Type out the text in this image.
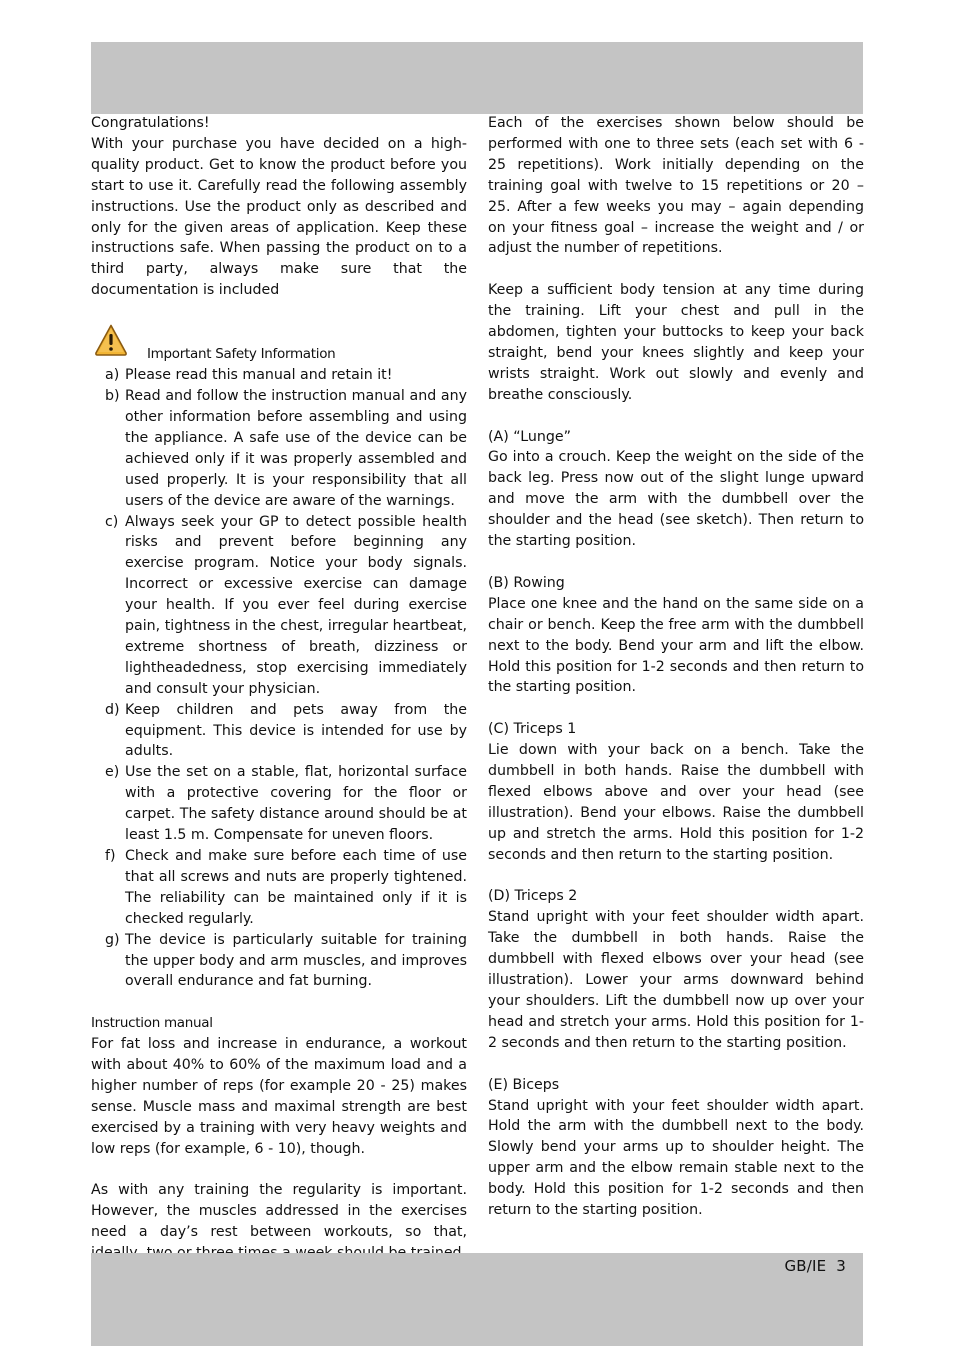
Congratulations!

With your purchase you have decided on a high-quality product. Get to know the product before you start to use it. Carefully read the following assembly instructions. Use the product only as described and only for the given areas of application. Keep these instructions safe. When passing the product on to a third party, always make sure that the documentation is included

Important Safety Information
a) Please read this manual and retain it!
b) Read and follow the instruction manual and any other information before assembling and using the appliance. A safe use of the device can be achieved only if it was properly assembled and used properly. It is your responsibility that all users of the device are aware of the warnings.
c) Always seek your GP to detect possible health risks and prevent before beginning any exercise program. Notice your body signals. Incorrect or excessive exercise can damage your health. If you ever feel during exercise pain, tightness in the chest, irregular heartbeat, extreme shortness of breath, dizziness or lightheadedness, stop exercising immediately and consult your physician.
d) Keep children and pets away from the equipment. This device is intended for use by adults.
e) Use the set on a stable, flat, horizontal surface with a protective covering for the floor or carpet. The safety distance around should be at least 1.5 m. Compensate for uneven floors.
f) Check and make sure before each time of use that all screws and nuts are properly tightened. The reliability can be maintained only if it is checked regularly.
g) The device is particularly suitable for training the upper body and arm muscles, and improves overall endurance and fat burning.

Instruction manual

For fat loss and increase in endurance, a workout with about 40% to 60% of the maximum load and a higher number of reps (for example 20 - 25) makes sense. Muscle mass and maximal strength are best exercised by a training with very heavy weights and low reps (for example, 6 - 10), though.

As with any training the regularity is important. However, the muscles addressed in the exercises need a day’s rest between workouts, so that,

Each of the exercises shown below should be performed with one to three sets (each set with 6 - 25 repetitions). Work initially depending on the training goal with twelve to 15 repetitions or 20 – 25. After a few weeks you may – again depending on your fitness goal – increase the weight and / or adjust the number of repetitions.

Keep a sufficient body tension at any time during the training. Lift your chest and pull in the abdomen, tighten your buttocks to keep your back straight, bend your knees slightly and keep your wrists straight. Work out slowly and evenly and breathe consciously.

(A) “Lunge”

Go into a crouch. Keep the weight on the side of the back leg. Press now out of the slight lunge upward and move the arm with the dumbbell over the shoulder and the head (see sketch). Then return to the starting position.

(B) Rowing

Place one knee and the hand on the same side on a chair or bench. Keep the free arm with the dumbbell next to the body. Bend your arm and lift the elbow. Hold this position for 1-2 seconds and then return to the starting position.

(C) Triceps 1

Lie down with your back on a bench. Take the dumbbell in both hands. Raise the dumbbell with flexed elbows above and over your head (see illustration). Bend your elbows. Raise the dumbbell up and stretch the arms. Hold this position for 1-2 seconds and then return to the starting position.

(D) Triceps 2

Stand upright with your feet shoulder width apart. Take the dumbbell in both hands. Raise the dumbbell with flexed elbows over your head (see illustration). Lower your arms downward behind your shoulders. Lift the dumbbell now up over your head and stretch your arms. Hold this position for 1-2 seconds and then return to the starting position.

(E) Biceps

Stand upright with your feet shoulder width apart. Hold the arm with the dumbbell next to the body. Slowly bend your arms up to shoulder height. The upper arm and the elbow remain stable next to the body. Hold this position for 1-2 seconds and then return to the starting position.

GB/IE  3
